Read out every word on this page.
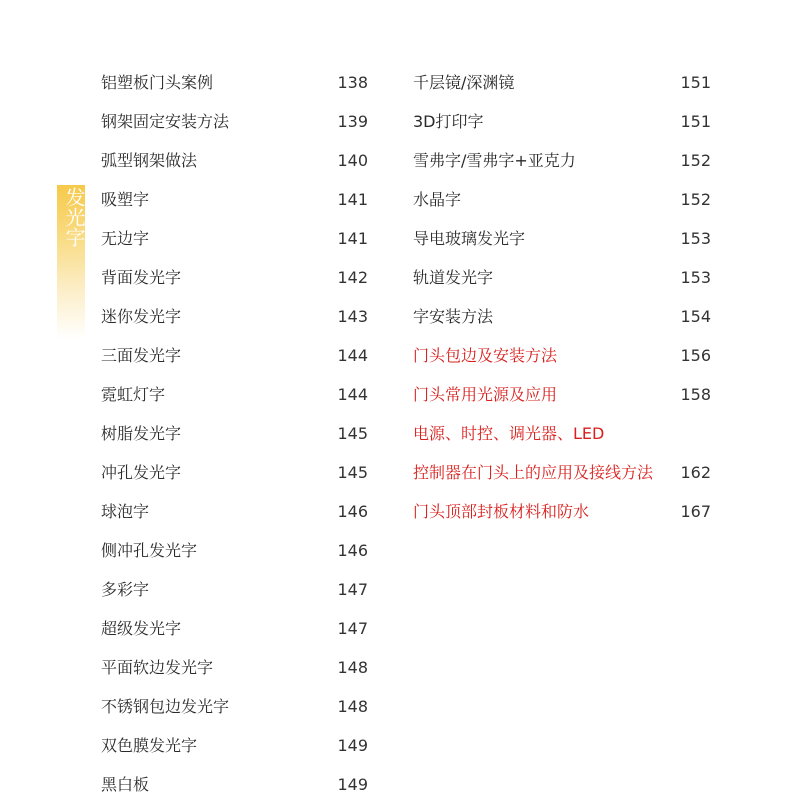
发光字
铝塑板门头案例	138
钢架固定安装方法	139
弧型钢架做法	140
吸塑字	141
无边字	141
背面发光字	142
迷你发光字	143
三面发光字	144
霓虹灯字	144
树脂发光字	145
冲孔发光字	145
球泡字	146
侧冲孔发光字	146
多彩字	147
超级发光字	147
平面软边发光字	148
不锈钢包边发光字	148
双色膜发光字	149
黑白板	149
千层镜/深渊镜	151
3D打印字	151
雪弗字/雪弗字+亚克力	152
水晶字	152
导电玻璃发光字	153
轨道发光字	153
字安装方法	154
门头包边及安装方法	156
门头常用光源及应用	158
电源、时控、调光器、LED
控制器在门头上的应用及接线方法 162
门头顶部封板材料和防水	167
